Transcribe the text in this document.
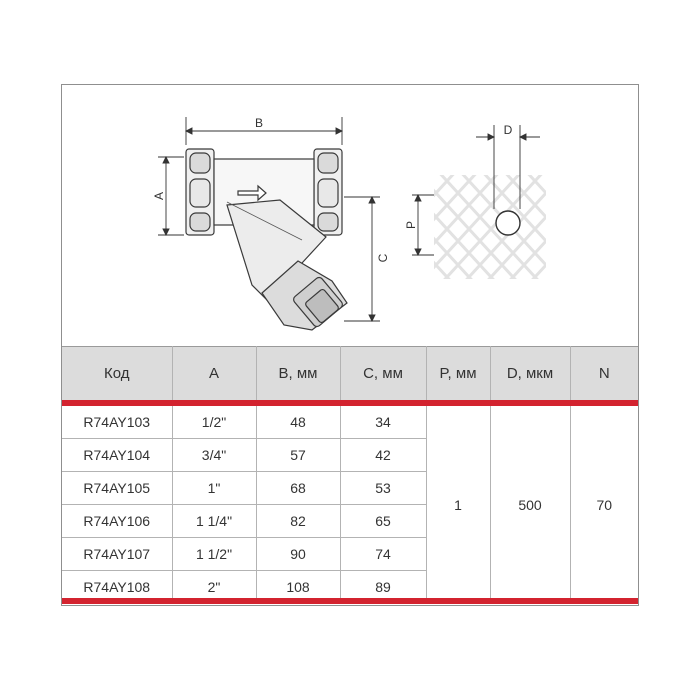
B
A
C
D
P
Код	A	B, мм	C, мм	P, мм	D, мкм	N

R74AY103	1/2"	48	34	1	500	70
R74AY104	3/4"	57	42			
R74AY105	1"	68	53			
R74AY106	1 1/4"	82	65			
R74AY107	1 1/2"	90	74			
R74AY108	2"	108	89			
